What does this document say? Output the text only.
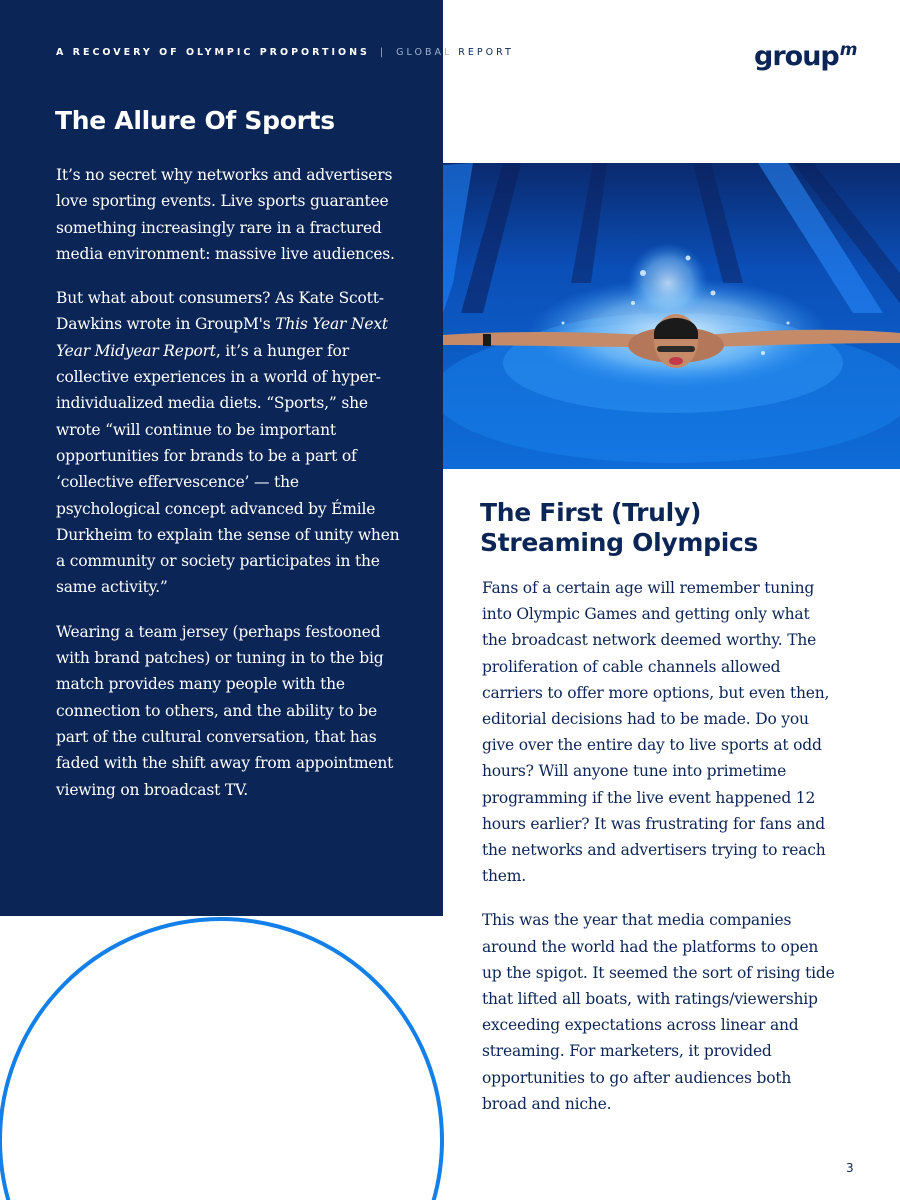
A RECOVERY OF OLYMPIC PROPORTIONS | GLOBAL REPORT	group$^m$
The Allure Of Sports

It’s no secret why networks and advertisers love sporting events. Live sports guarantee something increasingly rare in a fractured media environment: massive live audiences.

But what about consumers? As Kate Scott-Dawkins wrote in GroupM's This Year Next Year Midyear Report, it’s a hunger for collective experiences in a world of hyper-individualized media diets. “Sports,” she wrote “will continue to be important opportunities for brands to be a part of ‘collective effervescence’ — the psychological concept advanced by Émile Durkheim to explain the sense of unity when a community or society participates in the same activity.”

Wearing a team jersey (perhaps festooned with brand patches) or tuning in to the big match provides many people with the connection to others, and the ability to be part of the cultural conversation, that has faded with the shift away from appointment viewing on broadcast TV.

The First (Truly)
Streaming Olympics

Fans of a certain age will remember tuning into Olympic Games and getting only what the broadcast network deemed worthy. The proliferation of cable channels allowed carriers to offer more options, but even then, editorial decisions had to be made. Do you give over the entire day to live sports at odd hours? Will anyone tune into primetime programming if the live event happened 12 hours earlier? It was frustrating for fans and the networks and advertisers trying to reach them.

This was the year that media companies around the world had the platforms to open up the spigot. It seemed the sort of rising tide that lifted all boats, with ratings/viewership exceeding expectations across linear and streaming. For marketers, it provided opportunities to go after audiences both broad and niche.

3
